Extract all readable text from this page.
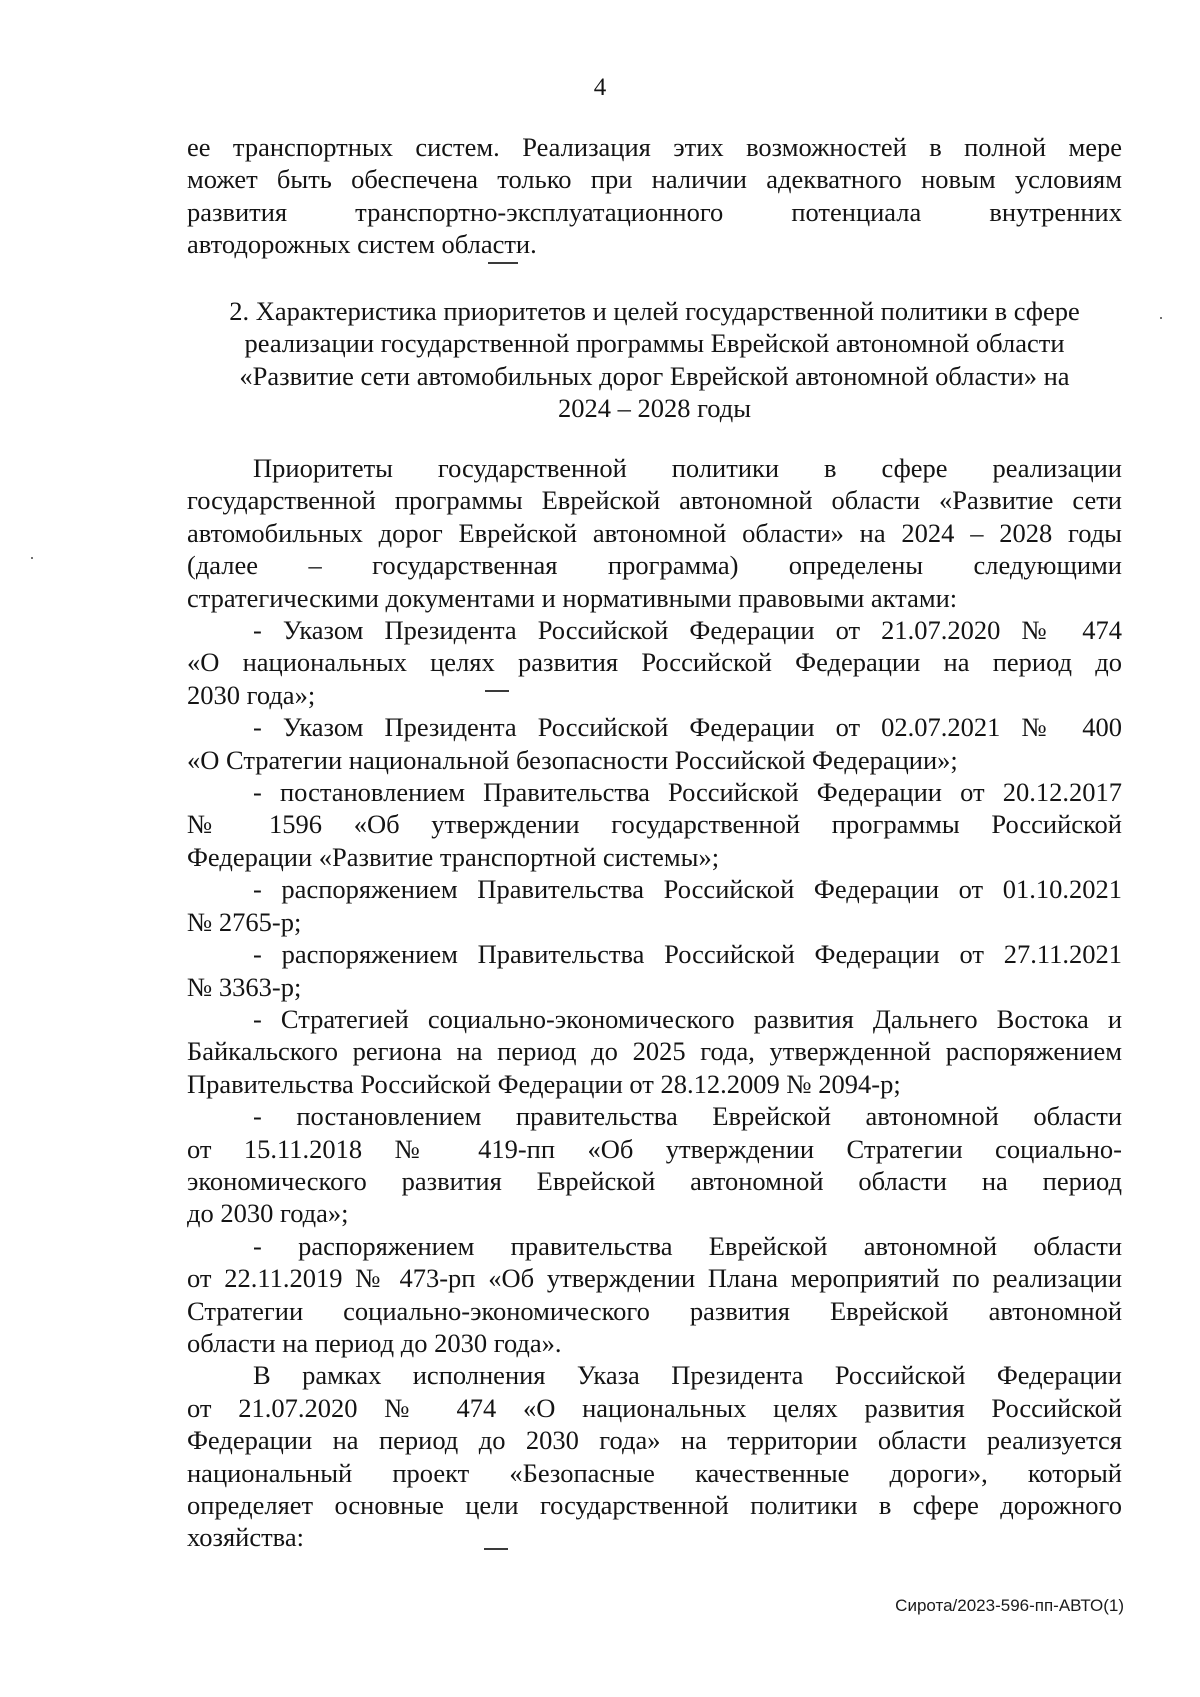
4

ее транспортных систем. Реализация этих возможностей в полной мере

может быть обеспечена только при наличии адекватного новым условиям

развития транспортно-эксплуатационного потенциала внутренних

автодорожных систем области.

2. Характеристика приоритетов и целей государственной политики в сфере
реализации государственной программы Еврейской автономной области
«Развитие сети автомобильных дорог Еврейской автономной области» на
2024 – 2028 годы

Приоритеты государственной политики в сфере реализации

государственной программы Еврейской автономной области «Развитие сети

автомобильных дорог Еврейской автономной области» на 2024 – 2028 годы

(далее – государственная программа) определены следующими

стратегическими документами и нормативными правовыми актами:

- Указом Президента Российской Федерации от 21.07.2020 № 474

«О национальных целях развития Российской Федерации на период до

2030 года»;

- Указом Президента Российской Федерации от 02.07.2021 № 400

«О Стратегии национальной безопасности Российской Федерации»;

- постановлением Правительства Российской Федерации от 20.12.2017

№ 1596 «Об утверждении государственной программы Российской

Федерации «Развитие транспортной системы»;

- распоряжением Правительства Российской Федерации от 01.10.2021

№ 2765-р;

- распоряжением Правительства Российской Федерации от 27.11.2021

№ 3363-р;

- Стратегией социально-экономического развития Дальнего Востока и

Байкальского региона на период до 2025 года, утвержденной распоряжением

Правительства Российской Федерации от 28.12.2009 № 2094-р;

- постановлением правительства Еврейской автономной области

от 15.11.2018 № 419-пп «Об утверждении Стратегии социально-

экономического развития Еврейской автономной области на период

до 2030 года»;

- распоряжением правительства Еврейской автономной области

от 22.11.2019 № 473-рп «Об утверждении Плана мероприятий по реализации

Стратегии социально-экономического развития Еврейской автономной

области на период до 2030 года».

В рамках исполнения Указа Президента Российской Федерации

от 21.07.2020 № 474 «О национальных целях развития Российской

Федерации на период до 2030 года» на территории области реализуется

национальный проект «Безопасные качественные дороги», который

определяет основные цели государственной политики в сфере дорожного

хозяйства:

Сирота/2023-596-пп-АВТО(1)
